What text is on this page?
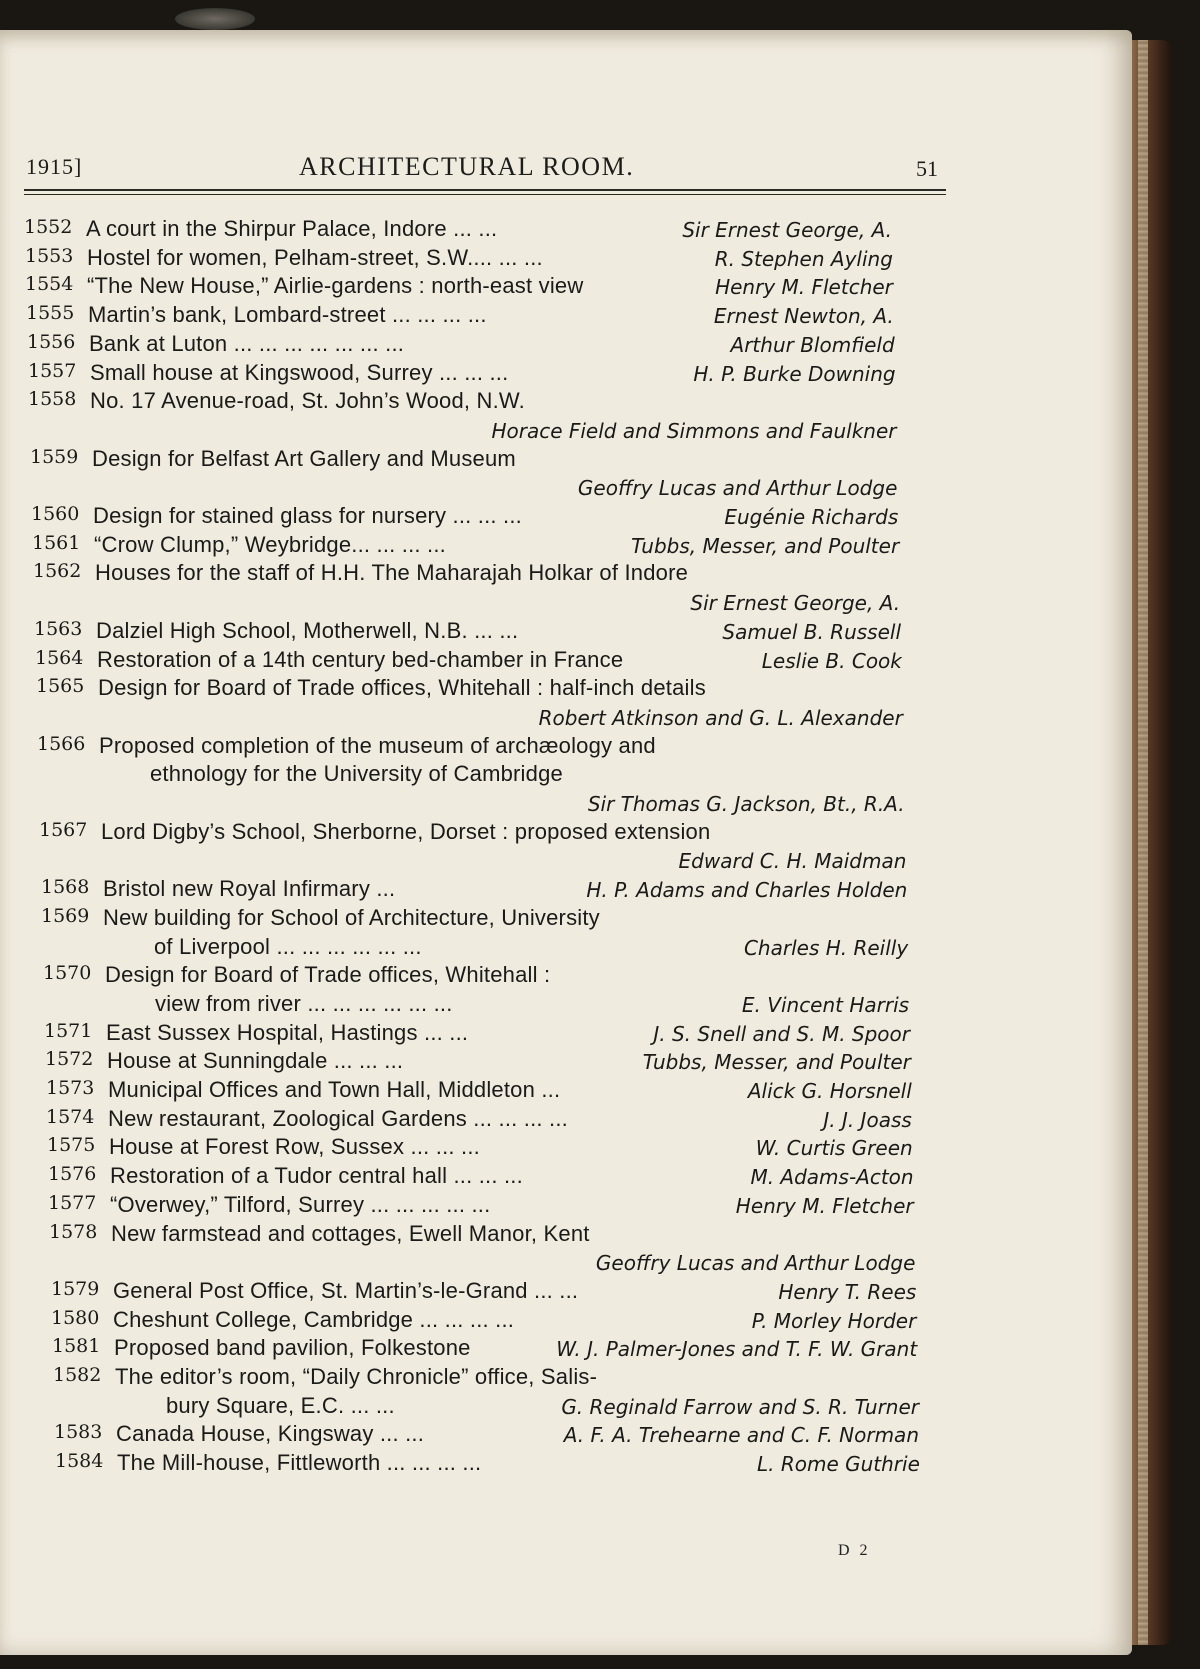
1915]	ARCHITECTURAL ROOM.	51
1552 A court in the Shirpur Palace, Indore ... ...	Sir Ernest George, A.
1553 Hostel for women, Pelham-street, S.W.... ... ...	R. Stephen Ayling
1554 “The New House,” Airlie-gardens : north-east view	Henry M. Fletcher
1555 Martin’s bank, Lombard-street ... ... ... ...	Ernest Newton, A.
1556 Bank at Luton ... ... ... ... ... ... ...	Arthur Blomfield
1557 Small house at Kingswood, Surrey ... ... ...	H. P. Burke Downing
1558 No. 17 Avenue-road, St. John’s Wood, N.W.
Horace Field and Simmons and Faulkner
1559 Design for Belfast Art Gallery and Museum
Geoffry Lucas and Arthur Lodge
1560 Design for stained glass for nursery ... ... ...	Eugénie Richards
1561 “Crow Clump,” Weybridge... ... ... ...	Tubbs, Messer, and Poulter
1562 Houses for the staff of H.H. The Maharajah Holkar of Indore
Sir Ernest George, A.
1563 Dalziel High School, Motherwell, N.B. ... ...	Samuel B. Russell
1564 Restoration of a 14th century bed-chamber in France	Leslie B. Cook
1565 Design for Board of Trade offices, Whitehall : half-inch details
Robert Atkinson and G. L. Alexander
1566 Proposed completion of the museum of archæology and
ethnology for the University of Cambridge
Sir Thomas G. Jackson, Bt., R.A.
1567 Lord Digby’s School, Sherborne, Dorset : proposed extension
Edward C. H. Maidman
1568 Bristol new Royal Infirmary ...	H. P. Adams and Charles Holden
1569 New building for School of Architecture, University
of Liverpool ... ... ... ... ... ...	Charles H. Reilly
1570 Design for Board of Trade offices, Whitehall :
view from river ... ... ... ... ... ...	E. Vincent Harris
1571 East Sussex Hospital, Hastings ... ...	J. S. Snell and S. M. Spoor
1572 House at Sunningdale ... ... ...	Tubbs, Messer, and Poulter
1573 Municipal Offices and Town Hall, Middleton ...	Alick G. Horsnell
1574 New restaurant, Zoological Gardens ... ... ... ...	J. J. Joass
1575 House at Forest Row, Sussex ... ... ...	W. Curtis Green
1576 Restoration of a Tudor central hall ... ... ...	M. Adams-Acton
1577 “Overwey,” Tilford, Surrey ... ... ... ... ...	Henry M. Fletcher
1578 New farmstead and cottages, Ewell Manor, Kent
Geoffry Lucas and Arthur Lodge
1579 General Post Office, St. Martin’s-le-Grand ... ...	Henry T. Rees
1580 Cheshunt College, Cambridge ... ... ... ...	P. Morley Horder
1581 Proposed band pavilion, Folkestone	W. J. Palmer-Jones and T. F. W. Grant
1582 The editor’s room, “Daily Chronicle” office, Salis-
bury Square, E.C. ... ...	G. Reginald Farrow and S. R. Turner
1583 Canada House, Kingsway ... ...	A. F. A. Trehearne and C. F. Norman
1584 The Mill-house, Fittleworth ... ... ... ...	L. Rome Guthrie
D 2
